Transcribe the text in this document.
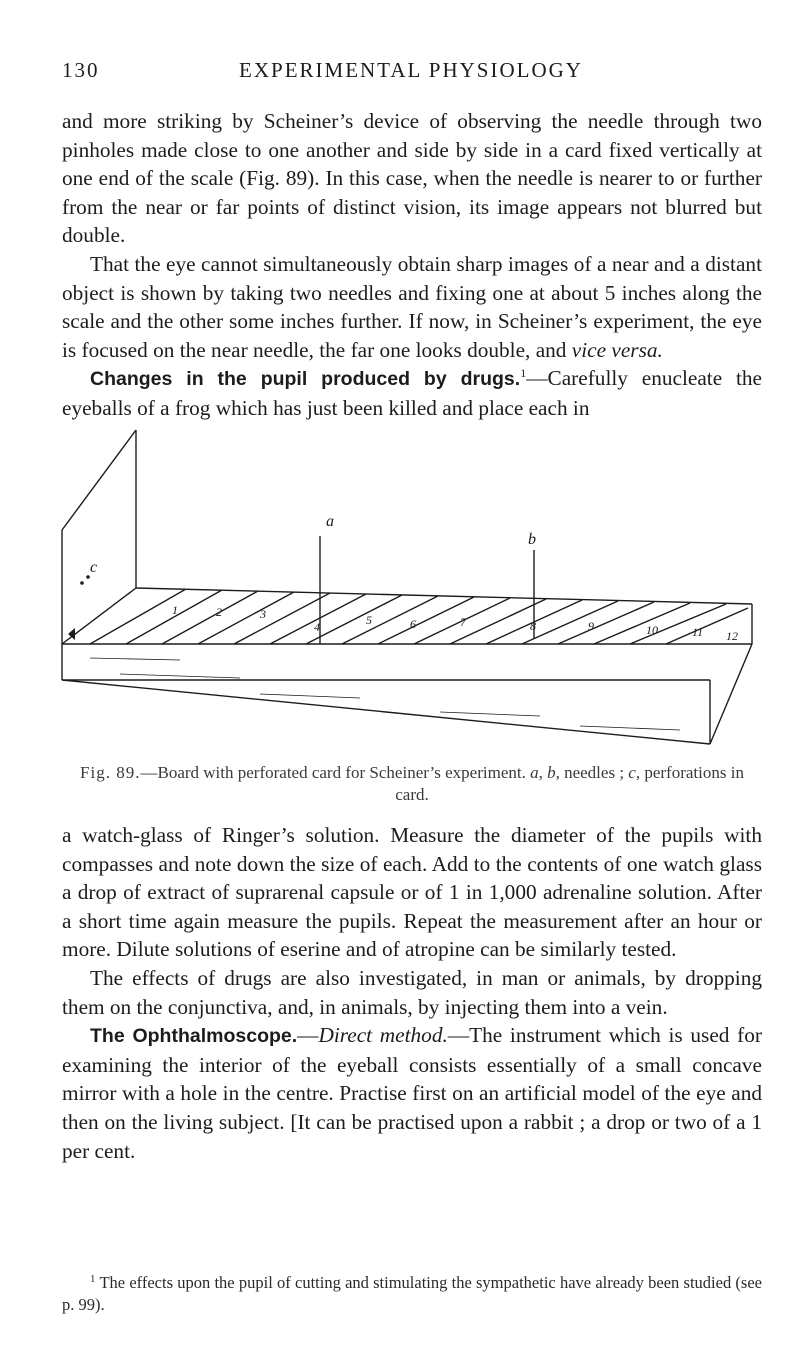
130	EXPERIMENTAL PHYSIOLOGY

and more striking by Scheiner’s device of observing the needle through two pinholes made close to one another and side by side in a card fixed vertically at one end of the scale (Fig. 89). In this case, when the needle is nearer to or further from the near or far points of distinct vision, its image appears not blurred but double.

That the eye cannot simultaneously obtain sharp images of a near and a distant object is shown by taking two needles and fixing one at about 5 inches along the scale and the other some inches further. If now, in Scheiner’s experiment, the eye is focused on the near needle, the far one looks double, and vice versa.

Changes in the pupil produced by drugs.$^1$—Carefully enucleate the eyeballs of a frog which has just been killed and place each in

a
b
c
1	2	3
4	5	6	7	8	9	10	11 12
Fig. 89.—Board with perforated card for Scheiner’s experiment. a, b, needles ; c, perforations in card.

a watch-glass of Ringer’s solution. Measure the diameter of the pupils with compasses and note down the size of each. Add to the contents of one watch glass a drop of extract of suprarenal capsule or of 1 in 1,000 adrenaline solution. After a short time again measure the pupils. Repeat the measurement after an hour or more. Dilute solutions of eserine and of atropine can be similarly tested.

The effects of drugs are also investigated, in man or animals, by dropping them on the conjunctiva, and, in animals, by injecting them into a vein.

The Ophthalmoscope.—Direct method.—The instrument which is used for examining the interior of the eyeball consists essentially of a small concave mirror with a hole in the centre. Practise first on an artificial model of the eye and then on the living subject. [It can be practised upon a rabbit ; a drop or two of a 1 per cent.

$^1$ The effects upon the pupil of cutting and stimulating the sympathetic have already been studied (see p. 99).
